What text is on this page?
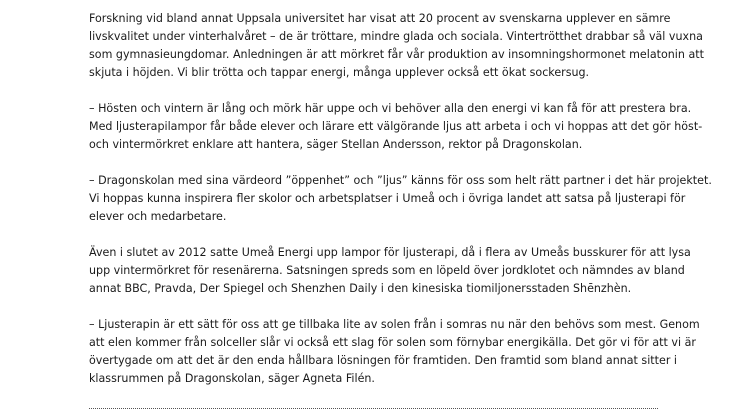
Forskning vid bland annat Uppsala universitet har visat att 20 procent av svenskarna upplever en sämre
livskvalitet under vinterhalvåret – de är tröttare, mindre glada och sociala. Vintertrötthet drabbar så väl vuxna
som gymnasieungdomar. Anledningen är att mörkret får vår produktion av insomningshormonet melatonin att
skjuta i höjden. Vi blir trötta och tappar energi, många upplever också ett ökat sockersug.

– Hösten och vintern är lång och mörk här uppe och vi behöver alla den energi vi kan få för att prestera bra.
Med ljusterapilampor får både elever och lärare ett välgörande ljus att arbeta i och vi hoppas att det gör höst-
och vintermörkret enklare att hantera, säger Stellan Andersson, rektor på Dragonskolan.

– Dragonskolan med sina värdeord ”öppenhet” och ”ljus” känns för oss som helt rätt partner i det här projektet.
Vi hoppas kunna inspirera fler skolor och arbetsplatser i Umeå och i övriga landet att satsa på ljusterapi för
elever och medarbetare.

Även i slutet av 2012 satte Umeå Energi upp lampor för ljusterapi, då i flera av Umeås busskurer för att lysa
upp vintermörkret för resenärerna. Satsningen spreds som en löpeld över jordklotet och nämndes av bland
annat BBC, Pravda, Der Spiegel och Shenzhen Daily i den kinesiska tiomiljonersstaden Shēnzhèn.

– Ljusterapin är ett sätt för oss att ge tillbaka lite av solen från i somras nu när den behövs som mest. Genom
att elen kommer från solceller slår vi också ett slag för solen som förnybar energikälla. Det gör vi för att vi är
övertygade om att det är den enda hållbara lösningen för framtiden. Den framtid som bland annat sitter i
klassrummen på Dragonskolan, säger Agneta Filén.
